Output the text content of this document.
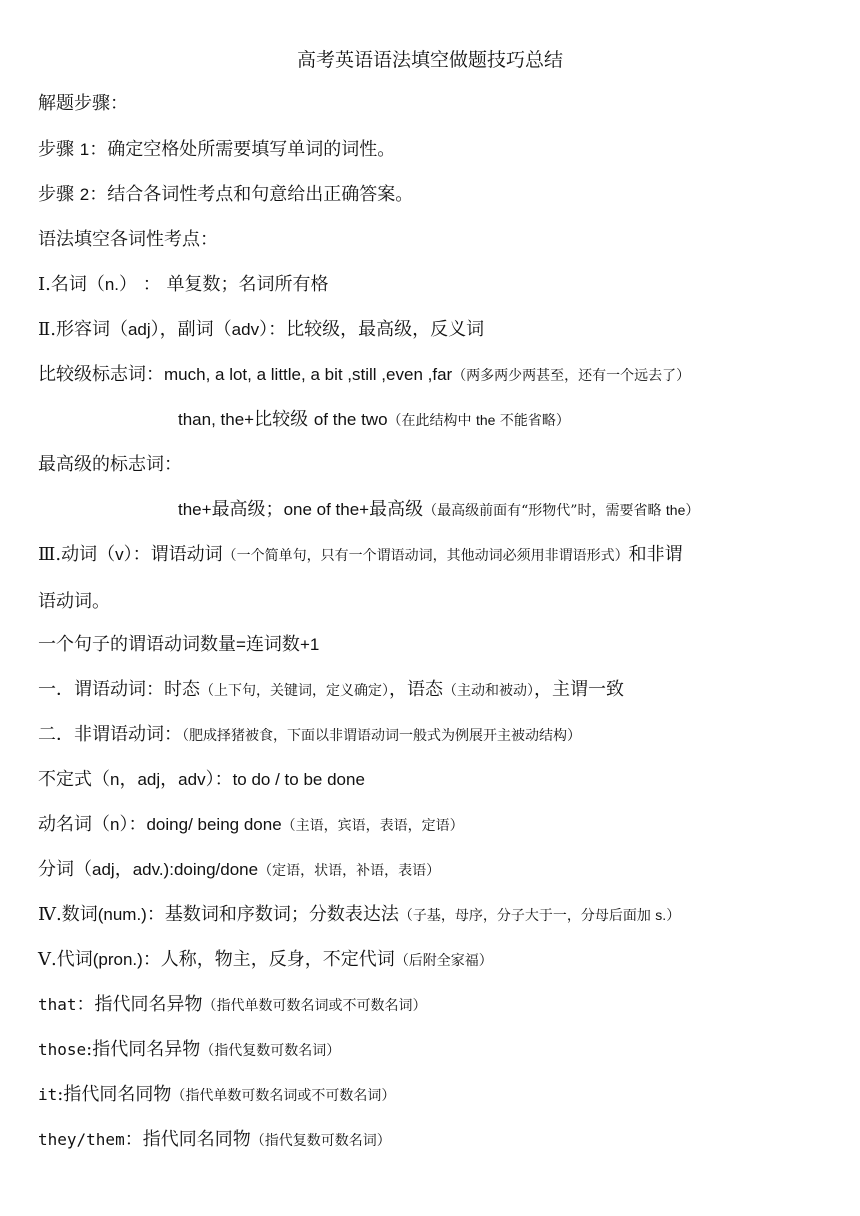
高考英语语法填空做题技巧总结
解题步骤：
步骤 1：确定空格处所需要填写单词的词性。
步骤 2：结合各词性考点和句意给出正确答案。
语法填空各词性考点：
Ⅰ.名词（n.） ： 单复数；名词所有格
Ⅱ.形容词（adj），副词（adv）：比较级，最高级，反义词
比较级标志词：much, a lot, a little, a bit ,still ,even ,far（两多两少两甚至，还有一个远去了）
than, the+比较级 of the two（在此结构中 the 不能省略）
最高级的标志词：
the+最高级；one of the+最高级（最高级前面有“形物代”时，需要省略 the）
Ⅲ.动词（v）：谓语动词（一个简单句，只有一个谓语动词，其他动词必须用非谓语形式）和非谓
语动词。
一个句子的谓语动词数量=连词数+1
一．谓语动词：时态（上下句，关键词，定义确定），语态（主动和被动），主谓一致
二．非谓语动词：（肥成择猪被食，下面以非谓语动词一般式为例展开主被动结构）
不定式（n，adj，adv）：to do / to be done
动名词（n）：doing/ being done（主语，宾语，表语，定语）
分词（adj，adv.):doing/done（定语，状语，补语，表语）
Ⅳ.数词(num.)：基数词和序数词；分数表达法（子基，母序，分子大于一，分母后面加 s.）
Ⅴ.代词(pron.)：人称，物主，反身，不定代词（后附全家福）
that：指代同名异物（指代单数可数名词或不可数名词）
those:指代同名异物（指代复数可数名词）
it:指代同名同物（指代单数可数名词或不可数名词）
they/them：指代同名同物（指代复数可数名词）
